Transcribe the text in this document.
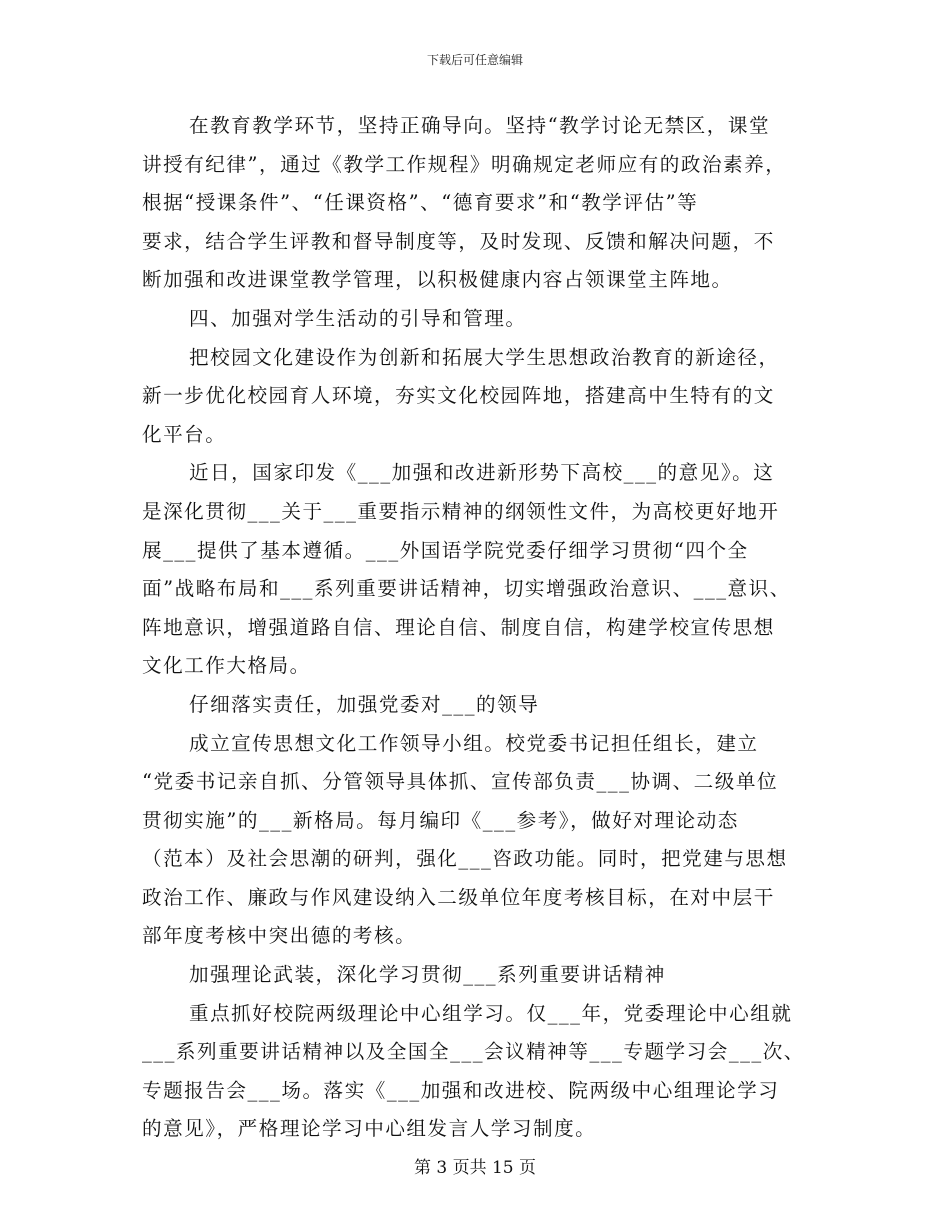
下载后可任意编辑
在教育教学环节，坚持正确导向。坚持“教学讨论无禁区，课堂
讲授有纪律”，通过《教学工作规程》明确规定老师应有的政治素养，
根据“授课条件”、“任课资格”、“德育要求”和“教学评估”等
要求，结合学生评教和督导制度等，及时发现、反馈和解决问题，不
断加强和改进课堂教学管理，以积极健康内容占领课堂主阵地。
四、加强对学生活动的引导和管理。
把校园文化建设作为创新和拓展大学生思想政治教育的新途径，
新一步优化校园育人环境，夯实文化校园阵地，搭建高中生特有的文
化平台。
近日，国家印发《___加强和改进新形势下高校___的意见》。这
是深化贯彻___关于___重要指示精神的纲领性文件，为高校更好地开
展___提供了基本遵循。___外国语学院党委仔细学习贯彻“四个全
面”战略布局和___系列重要讲话精神，切实增强政治意识、___意识、
阵地意识，增强道路自信、理论自信、制度自信，构建学校宣传思想
文化工作大格局。
仔细落实责任，加强党委对___的领导
成立宣传思想文化工作领导小组。校党委书记担任组长，建立
“党委书记亲自抓、分管领导具体抓、宣传部负责___协调、二级单位
贯彻实施”的___新格局。每月编印《___参考》，做好对理论动态
（范本）及社会思潮的研判，强化___咨政功能。同时，把党建与思想
政治工作、廉政与作风建设纳入二级单位年度考核目标，在对中层干
部年度考核中突出德的考核。
加强理论武装，深化学习贯彻___系列重要讲话精神
重点抓好校院两级理论中心组学习。仅___年，党委理论中心组就
___系列重要讲话精神以及全国全___会议精神等___专题学习会___次、
专题报告会___场。落实《___加强和改进校、院两级中心组理论学习
的意见》，严格理论学习中心组发言人学习制度。
第 3 页共 15 页
